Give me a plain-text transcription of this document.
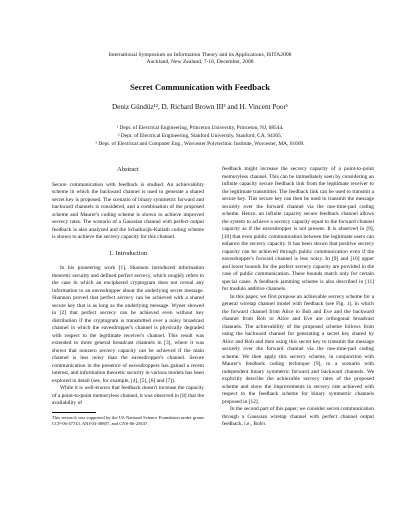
International Symposium on Information Theory and its Applications, ISITA2008
Auckland, New Zealand, 7-10, December, 2008
Secret Communication with Feedback
Deniz Gündüz¹², D. Richard Brown III³ and H. Vincent Poor¹
¹ Dept. of Electrical Engineering, Princeton University, Princeton, NJ, 08544.
² Dept. of Electrical Engineering, Stanford University, Stanford, CA, 94305.
³ Dept. of Electrical and Computer Eng., Worcester Polytechnic Institute, Worcester, MA, 01609.
Abstract

Secure communication with feedback is studied. An achievability scheme in which the backward channel is used to generate a shared secret key is proposed. The scenario of binary symmetric forward and backward channels is considered, and a combination of the proposed scheme and Maurer's coding scheme is shown to achieve improved secrecy rates. The scenario of a Gaussian channel with perfect output feedback is also analyzed and the Schalkwijk-Kailath coding scheme is shown to achieve the secrecy capacity for this channel.

1. Introduction

In his pioneering work [1], Shannon introduced information theoretic security and defined perfect secrecy, which roughly refers to the case in which an enciphered cryptogram does not reveal any information to an eavesdropper about the underlying secret message. Shannon proved that perfect secrecy can be achieved with a shared secure key that is as long as the underlying message. Wyner showed in [2] that perfect secrecy can be achieved even without key distribution if the cryptogram is transmitted over a noisy broadcast channel in which the eavesdropper's channel is physically degraded with respect to the legitimate receiver's channel. This result was extended to more general broadcast channels in [3], where it was shown that nonzero secrecy capacity can be achieved if the main channel is less noisy than the eavesdropper's channel. Secure communication in the presence of eavesdroppers has gained a recent interest, and information theoretic security in various models has been explored in detail (see, for example, [4], [5], [6] and [7]).

While it is well-known that feedback doesn't increase the capacity of a point-to-point memoryless channel, it was observed in [8] that the availability of

This research was supported by the US National Science Foundation under grants CCF-06-47743, ANI-03-38807, and CNS-06-25637.

feedback might increase the secrecy capacity of a point-to-point memoryless channel. This can be immediately seen by considering an infinite capacity secure feedback link from the legitimate receiver to the legitimate transmitter. The feedback link can be used to transmit a secure key. This secure key can then be used to transmit the message securely over the forward channel via the one-time-pad coding scheme. Hence, an infinite capacity secure feedback channel allows the system to achieve a secrecy capacity equal to the forward channel capacity as if the eavesdropper is not present. It is observed in [9], [10] that even public communication between the legitimate users can enhance the secrecy capacity. It has been shown that positive secrecy capacity can be achieved through public communication even if the eavesdropper's forward channel is less noisy. In [9] and [10] upper and lower bounds for the perfect secrecy capacity are provided in the case of public communication. These bounds match only for certain special cases. A feedback jamming scheme is also described in [11] for modulo additive channels.

In this paper, we first propose an achievable secrecy scheme for a general wiretap channel model with feedback (see Fig. 1), in which the forward channel from Alice to Bob and Eve and the backward channel from Bob to Alice and Eve are orthogonal broadcast channels. The achievability of the proposed scheme follows from using the backward channel for generating a secret key shared by Alice and Bob and then using this secret key to transmit the message securely over the forward channel via the one-time-pad coding scheme. We then apply this secrecy scheme, in conjunction with Maurer's feedback coding technique [9], to a scenario with independent binary symmetric forward and backward channels. We explicitly describe the achievable secrecy rates of the proposed scheme and show the improvements in secrecy rate achieved with respect to the feedback scheme for binary symmetric channels proposed in [12].

In the second part of this paper, we consider secret communication through a Gaussian wiretap channel with perfect channel output feedback, i.e., Bob's
